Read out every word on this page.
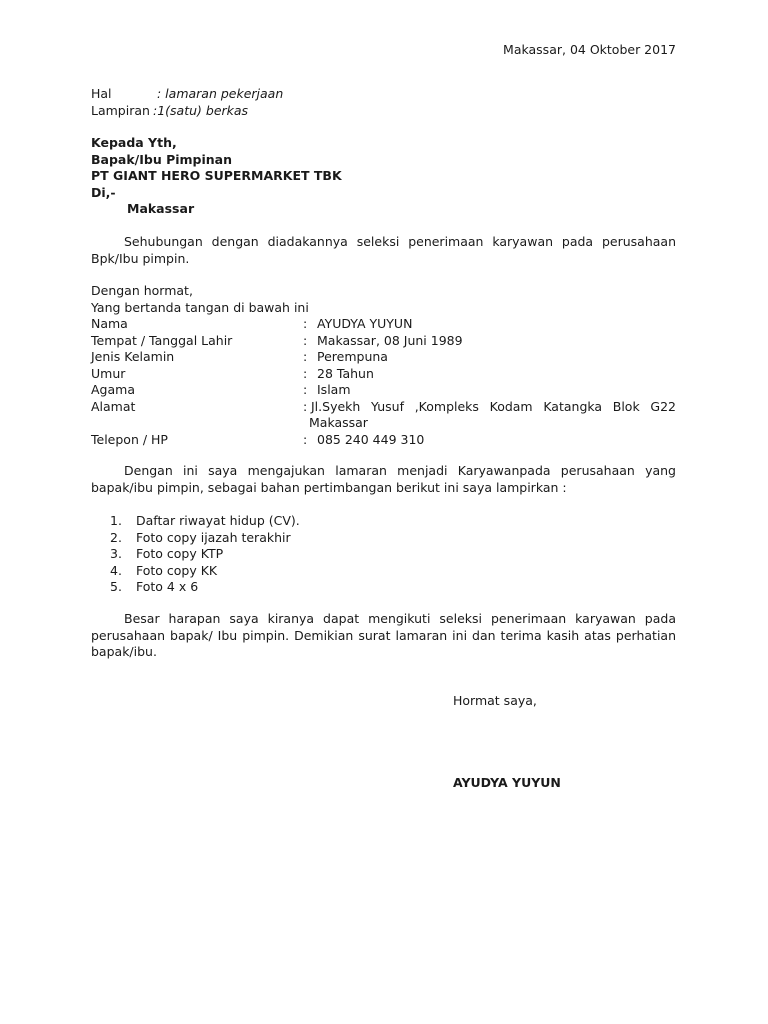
Makassar, 04 Oktober 2017
Hal	: lamaran pekerjaan
Lampiran :1(satu) berkas
Kepada Yth,
Bapak/Ibu Pimpinan
PT GIANT HERO SUPERMARKET TBK
Di,-
Makassar
Sehubungan dengan diadakannya seleksi penerimaan karyawan pada perusahaan
Bpk/Ibu pimpin.
Dengan hormat,
Yang bertanda tangan di bawah ini
Nama	: AYUDYA YUYUN
Tempat / Tanggal Lahir	: Makassar, 08 Juni 1989
Jenis Kelamin	: Perempuna
Umur	: 28 Tahun
Agama	: Islam
Alamat	: Jl.Syekh Yusuf ,Kompleks Kodam Katangka Blok G22
Makassar
Telepon / HP	: 085 240 449 310
Dengan ini saya mengajukan lamaran menjadi Karyawanpada perusahaan yang
bapak/ibu pimpin, sebagai bahan pertimbangan berikut ini saya lampirkan :
1.	Daftar riwayat hidup (CV).
2.	Foto copy ijazah terakhir
3.	Foto copy KTP
4.	Foto copy KK
5.	Foto 4 x 6
Besar harapan saya kiranya dapat mengikuti seleksi penerimaan karyawan pada
perusahaan bapak/ Ibu pimpin. Demikian surat lamaran ini dan terima kasih atas perhatian
bapak/ibu.
Hormat saya,
AYUDYA YUYUN
